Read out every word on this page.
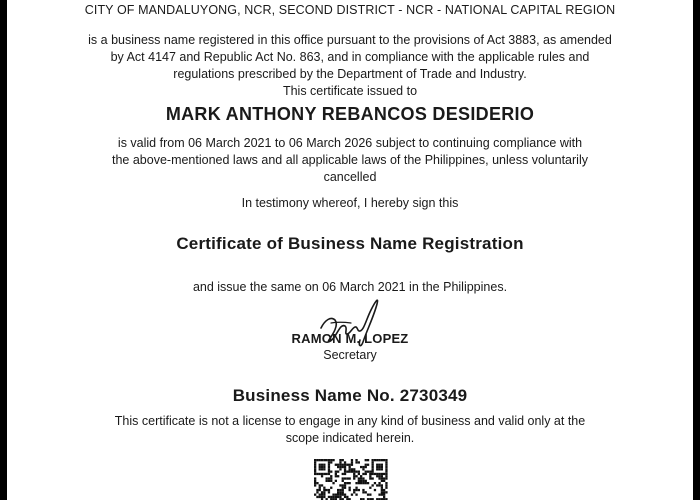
CITY OF MANDALUYONG, NCR, SECOND DISTRICT - NCR - NATIONAL CAPITAL REGION
is a business name registered in this office pursuant to the provisions of Act 3883, as amended
by Act 4147 and Republic Act No. 863, and in compliance with the applicable rules and
regulations prescribed by the Department of Trade and Industry.
This certificate issued to
MARK ANTHONY REBANCOS DESIDERIO
is valid from 06 March 2021 to 06 March 2026 subject to continuing compliance with
the above-mentioned laws and all applicable laws of the Philippines, unless voluntarily
cancelled
In testimony whereof, I hereby sign this
Certificate of Business Name Registration
and issue the same on 06 March 2021 in the Philippines.
RAMON M. LOPEZ
Secretary
Business Name No. 2730349
This certificate is not a license to engage in any kind of business and valid only at the
scope indicated herein.
